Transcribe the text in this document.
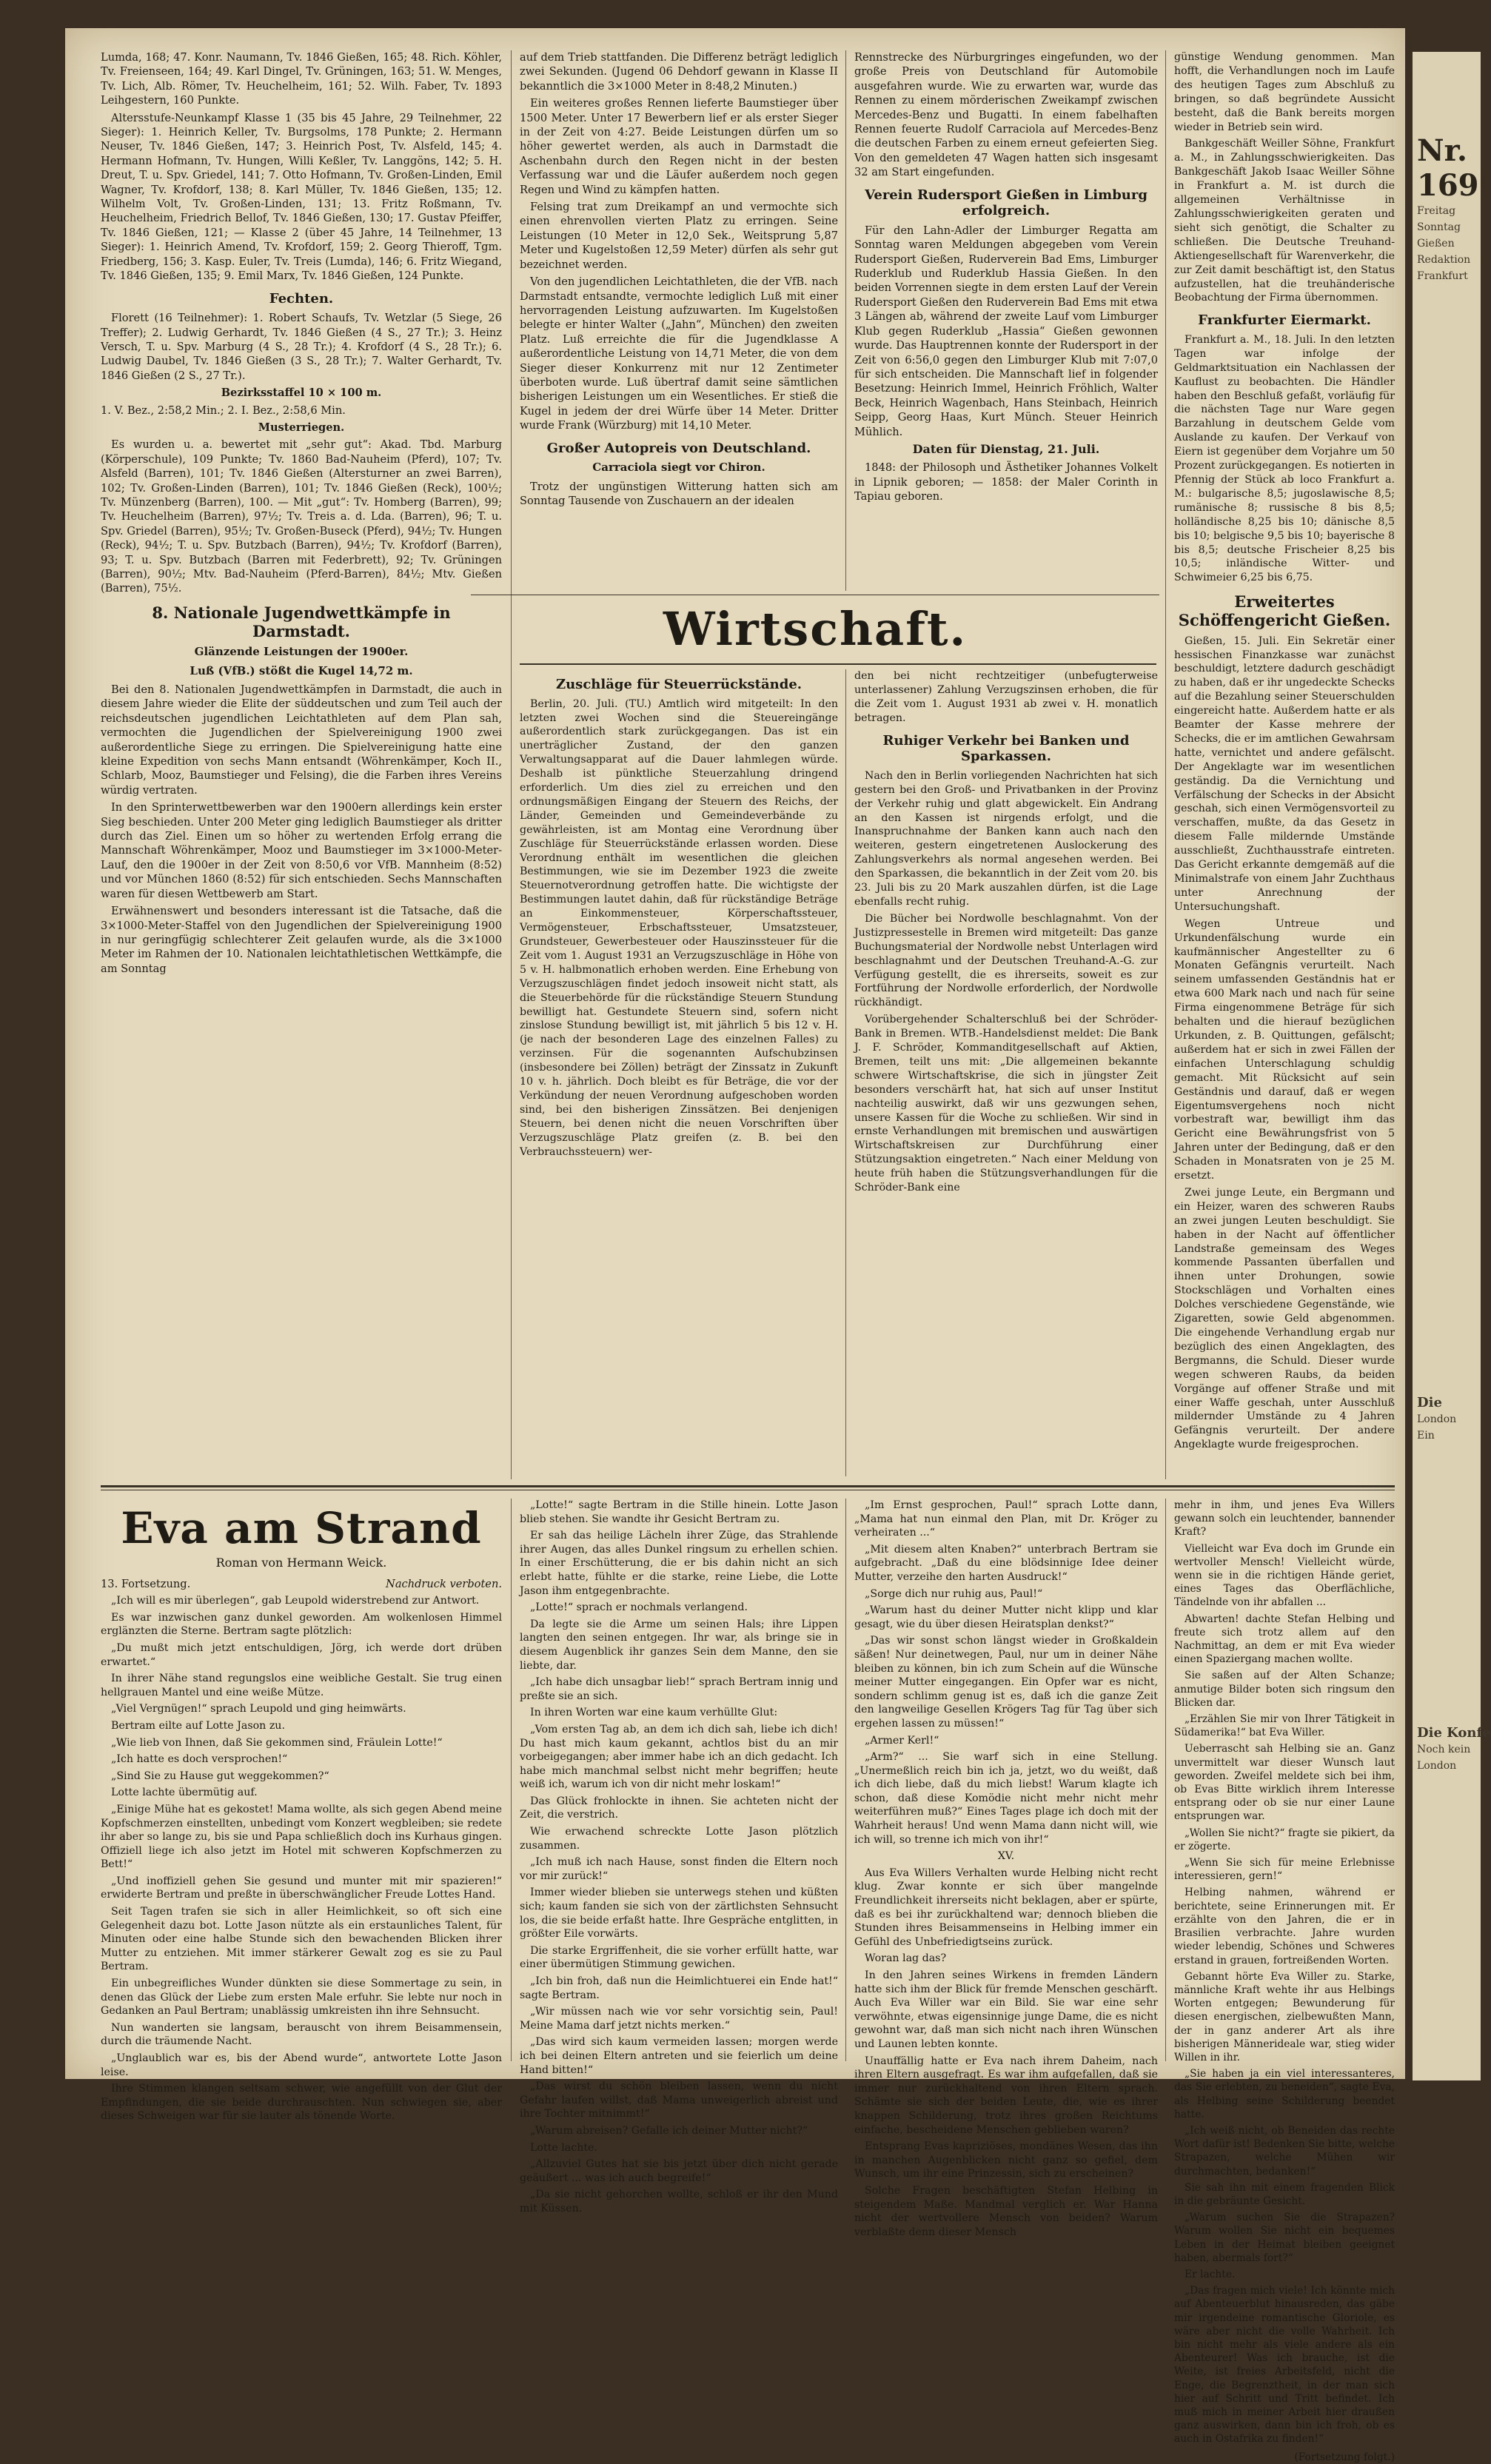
Lumda, 168; 47. Konr. Naumann, Tv. 1846 Gießen, 165; 48. Rich. Köhler, Tv. Freienseen, 164; 49. Karl Dingel, Tv. Grüningen, 163; 51. W. Menges, Tv. Lich, Alb. Römer, Tv. Heuchelheim, 161; 52. Wilh. Faber, Tv. 1893 Leihgestern, 160 Punkte.

Altersstufe-Neunkampf Klasse 1 (35 bis 45 Jahre, 29 Teilnehmer, 22 Sieger): 1. Heinrich Keller, Tv. Burgsolms, 178 Punkte; 2. Hermann Neuser, Tv. 1846 Gießen, 147; 3. Heinrich Post, Tv. Alsfeld, 145; 4. Hermann Hofmann, Tv. Hungen, Willi Keßler, Tv. Langgöns, 142; 5. H. Dreut, T. u. Spv. Griedel, 141; 7. Otto Hofmann, Tv. Großen-Linden, Emil Wagner, Tv. Krofdorf, 138; 8. Karl Müller, Tv. 1846 Gießen, 135; 12. Wilhelm Volt, Tv. Großen-Linden, 131; 13. Fritz Roßmann, Tv. Heuchelheim, Friedrich Bellof, Tv. 1846 Gießen, 130; 17. Gustav Pfeiffer, Tv. 1846 Gießen, 121; — Klasse 2 (über 45 Jahre, 14 Teilnehmer, 13 Sieger): 1. Heinrich Amend, Tv. Krofdorf, 159; 2. Georg Thieroff, Tgm. Friedberg, 156; 3. Kasp. Euler, Tv. Treis (Lumda), 146; 6. Fritz Wiegand, Tv. 1846 Gießen, 135; 9. Emil Marx, Tv. 1846 Gießen, 124 Punkte.

Fechten.

Florett (16 Teilnehmer): 1. Robert Schaufs, Tv. Wetzlar (5 Siege, 26 Treffer); 2. Ludwig Gerhardt, Tv. 1846 Gießen (4 S., 27 Tr.); 3. Heinz Versch, T. u. Spv. Marburg (4 S., 28 Tr.); 4. Krofdorf (4 S., 28 Tr.); 6. Ludwig Daubel, Tv. 1846 Gießen (3 S., 28 Tr.); 7. Walter Gerhardt, Tv. 1846 Gießen (2 S., 27 Tr.).

Bezirksstaffel 10 × 100 m.

1. V. Bez., 2:58,2 Min.; 2. I. Bez., 2:58,6 Min.

Musterriegen.

Es wurden u. a. bewertet mit „sehr gut“: Akad. Tbd. Marburg (Körperschule), 109 Punkte; Tv. 1860 Bad-Nauheim (Pferd), 107; Tv. Alsfeld (Barren), 101; Tv. 1846 Gießen (Altersturner an zwei Barren), 102; Tv. Großen-Linden (Barren), 101; Tv. 1846 Gießen (Reck), 100½; Tv. Münzenberg (Barren), 100. — Mit „gut“: Tv. Homberg (Barren), 99; Tv. Heuchelheim (Barren), 97½; Tv. Treis a. d. Lda. (Barren), 96; T. u. Spv. Griedel (Barren), 95½; Tv. Großen-Buseck (Pferd), 94½; Tv. Hungen (Reck), 94½; T. u. Spv. Butzbach (Barren), 94½; Tv. Krofdorf (Barren), 93; T. u. Spv. Butzbach (Barren mit Federbrett), 92; Tv. Grüningen (Barren), 90½; Mtv. Bad-Nauheim (Pferd-Barren), 84½; Mtv. Gießen (Barren), 75½.

8. Nationale Jugendwettkämpfe in Darmstadt.
Glänzende Leistungen der 1900er.
Luß (VfB.) stößt die Kugel 14,72 m.

Bei den 8. Nationalen Jugendwettkämpfen in Darmstadt, die auch in diesem Jahre wieder die Elite der süddeutschen und zum Teil auch der reichsdeutschen jugendlichen Leichtathleten auf dem Plan sah, vermochten die Jugendlichen der Spielvereinigung 1900 zwei außerordentliche Siege zu erringen. Die Spielvereinigung hatte eine kleine Expedition von sechs Mann entsandt (Wöhrenkämper, Koch II., Schlarb, Mooz, Baumstieger und Felsing), die die Farben ihres Vereins würdig vertraten.

In den Sprinterwettbewerben war den 1900ern allerdings kein erster Sieg beschieden. Unter 200 Meter ging lediglich Baumstieger als dritter durch das Ziel. Einen um so höher zu wertenden Erfolg errang die Mannschaft Wöhrenkämper, Mooz und Baumstieger im 3×1000-Meter-Lauf, den die 1900er in der Zeit von 8:50,6 vor VfB. Mannheim (8:52) und vor München 1860 (8:52) für sich entschieden. Sechs Mannschaften waren für diesen Wettbewerb am Start.

Erwähnenswert und besonders interessant ist die Tatsache, daß die 3×1000-Meter-Staffel von den Jugendlichen der Spielvereinigung 1900 in nur geringfügig schlechterer Zeit gelaufen wurde, als die 3×1000 Meter im Rahmen der 10. Nationalen leichtathletischen Wettkämpfe, die am Sonntag

auf dem Trieb stattfanden. Die Differenz beträgt lediglich zwei Sekunden. (Jugend 06 Dehdorf gewann in Klasse II bekanntlich die 3×1000 Meter in 8:48,2 Minuten.)

Ein weiteres großes Rennen lieferte Baumstieger über 1500 Meter. Unter 17 Bewerbern lief er als erster Sieger in der Zeit von 4:27. Beide Leistungen dürfen um so höher gewertet werden, als auch in Darmstadt die Aschenbahn durch den Regen nicht in der besten Verfassung war und die Läufer außerdem noch gegen Regen und Wind zu kämpfen hatten.

Felsing trat zum Dreikampf an und vermochte sich einen ehrenvollen vierten Platz zu erringen. Seine Leistungen (10 Meter in 12,0 Sek., Weitsprung 5,87 Meter und Kugelstoßen 12,59 Meter) dürfen als sehr gut bezeichnet werden.

Von den jugendlichen Leichtathleten, die der VfB. nach Darmstadt entsandte, vermochte lediglich Luß mit einer hervorragenden Leistung aufzuwarten. Im Kugelstoßen belegte er hinter Walter („Jahn“, München) den zweiten Platz. Luß erreichte die für die Jugendklasse A außerordentliche Leistung von 14,71 Meter, die von dem Sieger dieser Konkurrenz mit nur 12 Zentimeter überboten wurde. Luß übertraf damit seine sämtlichen bisherigen Leistungen um ein Wesentliches. Er stieß die Kugel in jedem der drei Würfe über 14 Meter. Dritter wurde Frank (Würzburg) mit 14,10 Meter.

Großer Autopreis von Deutschland.
Carraciola siegt vor Chiron.

Trotz der ungünstigen Witterung hatten sich am Sonntag Tausende von Zuschauern an der idealen

Rennstrecke des Nürburgringes eingefunden, wo der große Preis von Deutschland für Automobile ausgefahren wurde. Wie zu erwarten war, wurde das Rennen zu einem mörderischen Zweikampf zwischen Mercedes-Benz und Bugatti. In einem fabelhaften Rennen feuerte Rudolf Carraciola auf Mercedes-Benz die deutschen Farben zu einem erneut gefeierten Sieg. Von den gemeldeten 47 Wagen hatten sich insgesamt 32 am Start eingefunden.

Verein Rudersport Gießen in Limburg erfolgreich.

Für den Lahn-Adler der Limburger Regatta am Sonntag waren Meldungen abgegeben vom Verein Rudersport Gießen, Ruderverein Bad Ems, Limburger Ruderklub und Ruderklub Hassia Gießen. In den beiden Vorrennen siegte in dem ersten Lauf der Verein Rudersport Gießen den Ruderverein Bad Ems mit etwa 3 Längen ab, während der zweite Lauf vom Limburger Klub gegen Ruderklub „Hassia“ Gießen gewonnen wurde. Das Hauptrennen konnte der Rudersport in der Zeit von 6:56,0 gegen den Limburger Klub mit 7:07,0 für sich entscheiden. Die Mannschaft lief in folgender Besetzung: Heinrich Immel, Heinrich Fröhlich, Walter Beck, Heinrich Wagenbach, Hans Steinbach, Heinrich Seipp, Georg Haas, Kurt Münch. Steuer Heinrich Mühlich.

Daten für Dienstag, 21. Juli.

1848: der Philosoph und Ästhetiker Johannes Volkelt in Lipnik geboren; — 1858: der Maler Corinth in Tapiau geboren.

Wirtschaft.
Zuschläge für Steuerrückstände.

Berlin, 20. Juli. (TU.) Amtlich wird mitgeteilt: In den letzten zwei Wochen sind die Steuereingänge außerordentlich stark zurückgegangen. Das ist ein unerträglicher Zustand, der den ganzen Verwaltungsapparat auf die Dauer lahmlegen würde. Deshalb ist pünktliche Steuerzahlung dringend erforderlich. Um dies ziel zu erreichen und den ordnungsmäßigen Eingang der Steuern des Reichs, der Länder, Gemeinden und Gemeindeverbände zu gewährleisten, ist am Montag eine Verordnung über Zuschläge für Steuerrückstände erlassen worden. Diese Verordnung enthält im wesentlichen die gleichen Bestimmungen, wie sie im Dezember 1923 die zweite Steuernotverordnung getroffen hatte. Die wichtigste der Bestimmungen lautet dahin, daß für rückständige Beträge an Einkommensteuer, Körperschaftssteuer, Vermögensteuer, Erbschaftssteuer, Umsatzsteuer, Grundsteuer, Gewerbesteuer oder Hauszinssteuer für die Zeit vom 1. August 1931 an Verzugszuschläge in Höhe von 5 v. H. halbmonatlich erhoben werden. Eine Erhebung von Verzugszuschlägen findet jedoch insoweit nicht statt, als die Steuerbehörde für die rückständige Steuern Stundung bewilligt hat. Gestundete Steuern sind, sofern nicht zinslose Stundung bewilligt ist, mit jährlich 5 bis 12 v. H. (je nach der besonderen Lage des einzelnen Falles) zu verzinsen. Für die sogenannten Aufschubzinsen (insbesondere bei Zöllen) beträgt der Zinssatz in Zukunft 10 v. h. jährlich. Doch bleibt es für Beträge, die vor der Verkündung der neuen Verordnung aufgeschoben worden sind, bei den bisherigen Zinssätzen. Bei denjenigen Steuern, bei denen nicht die neuen Vorschriften über Verzugszuschläge Platz greifen (z. B. bei den Verbrauchssteuern) wer-

den bei nicht rechtzeitiger (unbefugterweise unterlassener) Zahlung Verzugszinsen erhoben, die für die Zeit vom 1. August 1931 ab zwei v. H. monatlich betragen.

Ruhiger Verkehr bei Banken und Sparkassen.

Nach den in Berlin vorliegenden Nachrichten hat sich gestern bei den Groß- und Privatbanken in der Provinz der Verkehr ruhig und glatt abgewickelt. Ein Andrang an den Kassen ist nirgends erfolgt, und die Inanspruchnahme der Banken kann auch nach den weiteren, gestern eingetretenen Auslockerung des Zahlungsverkehrs als normal angesehen werden. Bei den Sparkassen, die bekanntlich in der Zeit vom 20. bis 23. Juli bis zu 20 Mark auszahlen dürfen, ist die Lage ebenfalls recht ruhig.

Die Bücher bei Nordwolle beschlagnahmt. Von der Justizpressestelle in Bremen wird mitgeteilt: Das ganze Buchungsmaterial der Nordwolle nebst Unterlagen wird beschlagnahmt und der Deutschen Treuhand-A.-G. zur Verfügung gestellt, die es ihrerseits, soweit es zur Fortführung der Nordwolle erforderlich, der Nordwolle rückhändigt.

Vorübergehender Schalterschluß bei der Schröder-Bank in Bremen. WTB.-Handelsdienst meldet: Die Bank J. F. Schröder, Kommanditgesellschaft auf Aktien, Bremen, teilt uns mit: „Die allgemeinen bekannte schwere Wirtschaftskrise, die sich in jüngster Zeit besonders verschärft hat, hat sich auf unser Institut nachteilig auswirkt, daß wir uns gezwungen sehen, unsere Kassen für die Woche zu schließen. Wir sind in ernste Verhandlungen mit bremischen und auswärtigen Wirtschaftskreisen zur Durchführung einer Stützungsaktion eingetreten.“ Nach einer Meldung von heute früh haben die Stützungsverhandlungen für die Schröder-Bank eine

günstige Wendung genommen. Man hofft, die Verhandlungen noch im Laufe des heutigen Tages zum Abschluß zu bringen, so daß begründete Aussicht besteht, daß die Bank bereits morgen wieder in Betrieb sein wird.

Bankgeschäft Weiller Söhne, Frankfurt a. M., in Zahlungsschwierigkeiten. Das Bankgeschäft Jakob Isaac Weiller Söhne in Frankfurt a. M. ist durch die allgemeinen Verhältnisse in Zahlungsschwierigkeiten geraten und sieht sich genötigt, die Schalter zu schließen. Die Deutsche Treuhand-Aktiengesellschaft für Warenverkehr, die zur Zeit damit beschäftigt ist, den Status aufzustellen, hat die treuhänderische Beobachtung der Firma übernommen.

Frankfurter Eiermarkt.

Frankfurt a. M., 18. Juli. In den letzten Tagen war infolge der Geldmarktsituation ein Nachlassen der Kauflust zu beobachten. Die Händler haben den Beschluß gefaßt, vorläufig für die nächsten Tage nur Ware gegen Barzahlung in deutschem Gelde vom Auslande zu kaufen. Der Verkauf von Eiern ist gegenüber dem Vorjahre um 50 Prozent zurückgegangen. Es notierten in Pfennig der Stück ab loco Frankfurt a. M.: bulgarische 8,5; jugoslawische 8,5; rumänische 8; russische 8 bis 8,5; holländische 8,25 bis 10; dänische 8,5 bis 10; belgische 9,5 bis 10; bayerische 8 bis 8,5; deutsche Frischeier 8,25 bis 10,5; inländische Witter- und Schwimeier 6,25 bis 6,75.

Erweitertes Schöffengericht Gießen.

Gießen, 15. Juli. Ein Sekretär einer hessischen Finanzkasse war zunächst beschuldigt, letztere dadurch geschädigt zu haben, daß er ihr ungedeckte Schecks auf die Bezahlung seiner Steuerschulden eingereicht hatte. Außerdem hatte er als Beamter der Kasse mehrere der Schecks, die er im amtlichen Gewahrsam hatte, vernichtet und andere gefälscht. Der Angeklagte war im wesentlichen geständig. Da die Vernichtung und Verfälschung der Schecks in der Absicht geschah, sich einen Vermögensvorteil zu verschaffen, mußte, da das Gesetz in diesem Falle mildernde Umstände ausschließt, Zuchthausstrafe eintreten. Das Gericht erkannte demgemäß auf die Minimalstrafe von einem Jahr Zuchthaus unter Anrechnung der Untersuchungshaft.

Wegen Untreue und Urkundenfälschung wurde ein kaufmännischer Angestellter zu 6 Monaten Gefängnis verurteilt. Nach seinem umfassenden Geständnis hat er etwa 600 Mark nach und nach für seine Firma eingenommene Beträge für sich behalten und die hierauf bezüglichen Urkunden, z. B. Quittungen, gefälscht; außerdem hat er sich in zwei Fällen der einfachen Unterschlagung schuldig gemacht. Mit Rücksicht auf sein Geständnis und darauf, daß er wegen Eigentumsvergehens noch nicht vorbestraft war, bewilligt ihm das Gericht eine Bewährungsfrist von 5 Jahren unter der Bedingung, daß er den Schaden in Monatsraten von je 25 M. ersetzt.

Zwei junge Leute, ein Bergmann und ein Heizer, waren des schweren Raubs an zwei jungen Leuten beschuldigt. Sie haben in der Nacht auf öffentlicher Landstraße gemeinsam des Weges kommende Passanten überfallen und ihnen unter Drohungen, sowie Stockschlägen und Vorhalten eines Dolches verschiedene Gegenstände, wie Zigaretten, sowie Geld abgenommen. Die eingehende Verhandlung ergab nur bezüglich des einen Angeklagten, des Bergmanns, die Schuld. Dieser wurde wegen schweren Raubs, da beiden Vorgänge auf offener Straße und mit einer Waffe geschah, unter Ausschluß mildernder Umstände zu 4 Jahren Gefängnis verurteilt. Der andere Angeklagte wurde freigesprochen.

Eva am Strand
Roman von Hermann Weick.
13. Fortsetzung.	Nachdruck verboten.

„Ich will es mir überlegen“, gab Leupold widerstrebend zur Antwort.

Es war inzwischen ganz dunkel geworden. Am wolkenlosen Himmel erglänzten die Sterne. Bertram sagte plötzlich:

„Du mußt mich jetzt entschuldigen, Jörg, ich werde dort drüben erwartet.“

In ihrer Nähe stand regungslos eine weibliche Gestalt. Sie trug einen hellgrauen Mantel und eine weiße Mütze.

„Viel Vergnügen!“ sprach Leupold und ging heimwärts.

Bertram eilte auf Lotte Jason zu.

„Wie lieb von Ihnen, daß Sie gekommen sind, Fräulein Lotte!“

„Ich hatte es doch versprochen!“

„Sind Sie zu Hause gut weggekommen?“

Lotte lachte übermütig auf.

„Einige Mühe hat es gekostet! Mama wollte, als sich gegen Abend meine Kopfschmerzen einstellten, unbedingt vom Konzert wegbleiben; sie redete ihr aber so lange zu, bis sie und Papa schließlich doch ins Kurhaus gingen. Offiziell liege ich also jetzt im Hotel mit schweren Kopfschmerzen zu Bett!“

„Und inoffiziell gehen Sie gesund und munter mit mir spazieren!“ erwiderte Bertram und preßte in überschwänglicher Freude Lottes Hand.

Seit Tagen trafen sie sich in aller Heimlichkeit, so oft sich eine Gelegenheit dazu bot. Lotte Jason nützte als ein erstaunliches Talent, für Minuten oder eine halbe Stunde sich den bewachenden Blicken ihrer Mutter zu entziehen. Mit immer stärkerer Gewalt zog es sie zu Paul Bertram.

Ein unbegreifliches Wunder dünkten sie diese Sommertage zu sein, in denen das Glück der Liebe zum ersten Male erfuhr. Sie lebte nur noch in Gedanken an Paul Bertram; unablässig umkreisten ihn ihre Sehnsucht.

Nun wanderten sie langsam, berauscht von ihrem Beisammensein, durch die träumende Nacht.

„Unglaublich war es, bis der Abend wurde“, antwortete Lotte Jason leise.

Ihre Stimmen klangen seltsam schwer, wie angefüllt von der Glut der Empfindungen, die sie beide durchrauschten. Nun schwiegen sie, aber dieses Schweigen war für sie lauter als tönende Worte.

„Lotte!“ sagte Bertram in die Stille hinein. Lotte Jason blieb stehen. Sie wandte ihr Gesicht Bertram zu.

Er sah das heilige Lächeln ihrer Züge, das Strahlende ihrer Augen, das alles Dunkel ringsum zu erhellen schien. In einer Erschütterung, die er bis dahin nicht an sich erlebt hatte, fühlte er die starke, reine Liebe, die Lotte Jason ihm entgegenbrachte.

„Lotte!“ sprach er nochmals verlangend.

Da legte sie die Arme um seinen Hals; ihre Lippen langten den seinen entgegen. Ihr war, als bringe sie in diesem Augenblick ihr ganzes Sein dem Manne, den sie liebte, dar.

„Ich habe dich unsagbar lieb!“ sprach Bertram innig und preßte sie an sich.

In ihren Worten war eine kaum verhüllte Glut:

„Vom ersten Tag ab, an dem ich dich sah, liebe ich dich! Du hast mich kaum gekannt, achtlos bist du an mir vorbeigegangen; aber immer habe ich an dich gedacht. Ich habe mich manchmal selbst nicht mehr begriffen; heute weiß ich, warum ich von dir nicht mehr loskam!“

Das Glück frohlockte in ihnen. Sie achteten nicht der Zeit, die verstrich.

Wie erwachend schreckte Lotte Jason plötzlich zusammen.

„Ich muß ich nach Hause, sonst finden die Eltern noch vor mir zurück!“

Immer wieder blieben sie unterwegs stehen und küßten sich; kaum fanden sie sich von der zärtlichsten Sehnsucht los, die sie beide erfaßt hatte. Ihre Gespräche entglitten, in größter Eile vorwärts.

Die starke Ergriffenheit, die sie vorher erfüllt hatte, war einer übermütigen Stimmung gewichen.

„Ich bin froh, daß nun die Heimlichtuerei ein Ende hat!“ sagte Bertram.

„Wir müssen nach wie vor sehr vorsichtig sein, Paul! Meine Mama darf jetzt nichts merken.“

„Das wird sich kaum vermeiden lassen; morgen werde ich bei deinen Eltern antreten und sie feierlich um deine Hand bitten!“

„Das wirst du schön bleiben lassen, wenn du nicht Gefahr laufen willst, daß Mama unweigerlich abreist und ihre Tochter mitnimmt!“

„Warum abreisen? Gefalle ich deiner Mutter nicht?“

Lotte lachte.

„Allzuviel Gutes hat sie bis jetzt über dich nicht gerade geäußert ... was ich auch begreife!“

„Da sie nicht gehorchen wollte, schloß er ihr den Mund mit Küssen.

„Im Ernst gesprochen, Paul!“ sprach Lotte dann, „Mama hat nun einmal den Plan, mit Dr. Kröger zu verheiraten ...“

„Mit diesem alten Knaben?“ unterbrach Bertram sie aufgebracht. „Daß du eine blödsinnige Idee deiner Mutter, verzeihe den harten Ausdruck!“

„Sorge dich nur ruhig aus, Paul!“

„Warum hast du deiner Mutter nicht klipp und klar gesagt, wie du über diesen Heiratsplan denkst?“

„Das wir sonst schon längst wieder in Großkaldein säßen! Nur deinetwegen, Paul, nur um in deiner Nähe bleiben zu können, bin ich zum Schein auf die Wünsche meiner Mutter eingegangen. Ein Opfer war es nicht, sondern schlimm genug ist es, daß ich die ganze Zeit den langweilige Gesellen Krögers Tag für Tag über sich ergehen lassen zu müssen!“

„Armer Kerl!“

„Arm?“ ... Sie warf sich in eine Stellung. „Unermeßlich reich bin ich ja, jetzt, wo du weißt, daß ich dich liebe, daß du mich liebst! Warum klagte ich schon, daß diese Komödie nicht mehr nicht mehr weiterführen muß?“ Eines Tages plage ich doch mit der Wahrheit heraus! Und wenn Mama dann nicht will, wie ich will, so trenne ich mich von ihr!“

XV.

Aus Eva Willers Verhalten wurde Helbing nicht recht klug. Zwar konnte er sich über mangelnde Freundlichkeit ihrerseits nicht beklagen, aber er spürte, daß es bei ihr zurückhaltend war; dennoch blieben die Stunden ihres Beisammenseins in Helbing immer ein Gefühl des Unbefriedigtseins zurück.

Woran lag das?

In den Jahren seines Wirkens in fremden Ländern hatte sich ihm der Blick für fremde Menschen geschärft. Auch Eva Willer war ein Bild. Sie war eine sehr verwöhnte, etwas eigensinnige junge Dame, die es nicht gewohnt war, daß man sich nicht nach ihren Wünschen und Launen lebten konnte.

Unauffällig hatte er Eva nach ihrem Daheim, nach ihren Eltern ausgefragt. Es war ihm aufgefallen, daß sie immer nur zurückhaltend von ihren Eltern sprach. Schämte sie sich der beiden Leute, die, wie es ihrer knappen Schilderung, trotz ihres großen Reichtums einfache, bescheidene Menschen geblieben waren?

Entsprang Evas kapriziöses, mondänes Wesen, das ihn in manchen Augenblicken nicht ganz so gefiel, dem Wunsch, um ihr eine Prinzessin, sich zu erscheinen?

Solche Fragen beschäftigten Stefan Helbing in steigendem Maße. Mandmal verglich er. War Hanna nicht der wertvollere Mensch von beiden? Warum verblaßte denn dieser Mensch

mehr in ihm, und jenes Eva Willers gewann solch ein leuchtender, bannender Kraft?

Vielleicht war Eva doch im Grunde ein wertvoller Mensch! Vielleicht würde, wenn sie in die richtigen Hände geriet, eines Tages das Oberflächliche, Tändelnde von ihr abfallen ...

Abwarten! dachte Stefan Helbing und freute sich trotz allem auf den Nachmittag, an dem er mit Eva wieder einen Spaziergang machen wollte.

Sie saßen auf der Alten Schanze; anmutige Bilder boten sich ringsum den Blicken dar.

„Erzählen Sie mir von Ihrer Tätigkeit in Südamerika!“ bat Eva Willer.

Ueberrascht sah Helbing sie an. Ganz unvermittelt war dieser Wunsch laut geworden. Zweifel meldete sich bei ihm, ob Evas Bitte wirklich ihrem Interesse entsprang oder ob sie nur einer Laune entsprungen war.

„Wollen Sie nicht?“ fragte sie pikiert, da er zögerte.

„Wenn Sie sich für meine Erlebnisse interessieren, gern!“

Helbing nahmen, während er berichtete, seine Erinnerungen mit. Er erzählte von den Jahren, die er in Brasilien verbrachte. Jahre wurden wieder lebendig, Schönes und Schweres erstand in grauen, fortreißenden Worten.

Gebannt hörte Eva Willer zu. Starke, männliche Kraft wehte ihr aus Helbings Worten entgegen; Bewunderung für diesen energischen, zielbewußten Mann, der in ganz anderer Art als ihre bisherigen Männerideale war, stieg wider Willen in ihr.

„Sie haben ja ein viel interessanteres, das Sie erlebten, zu beneiden“, sagte Eva, als Helbing seine Schilderung beendet hatte.

„Ich weiß nicht, ob Beneiden das rechte Wort dafür ist! Bedenken Sie bitte, welche Strapazen, welche Mühen wir durchmachten, bedanken!“

Sie sah ihn mit einem fragenden Blick in die gebräunte Gesicht.

„Warum suchen Sie die Strapazen? Warum wollen Sie nicht ein bequemes Leben in der Heimat bleiben geeignet haben, abermals fort?“

Er lachte.

„Das fragen mich viele! Ich könnte mich auf Abenteuerblut hinausreden, das gäbe mir irgendeine romantische Gloriole, es wäre aber nicht die volle Wahrheit. Ich bin nicht mehr als viele andere als ein Abenteurer! Was ich brauche, ist die Weite, ist freies Arbeitsfeld, nicht die Enge, die Begrenztheit, in der man sich hier auf Schritt und Tritt befindet. Ich muß mich in meiner Arbeit hier draußen ganz auswirken, dann bin ich froh, ob es auch in Ostafrika zu finden!“

(Fortsetzung folgt.)
Nr. 169
Freitag
Sonntag
Gießen
Redaktion
Frankfurt
Die
London
Ein
Die Konfe
Noch kein
London
